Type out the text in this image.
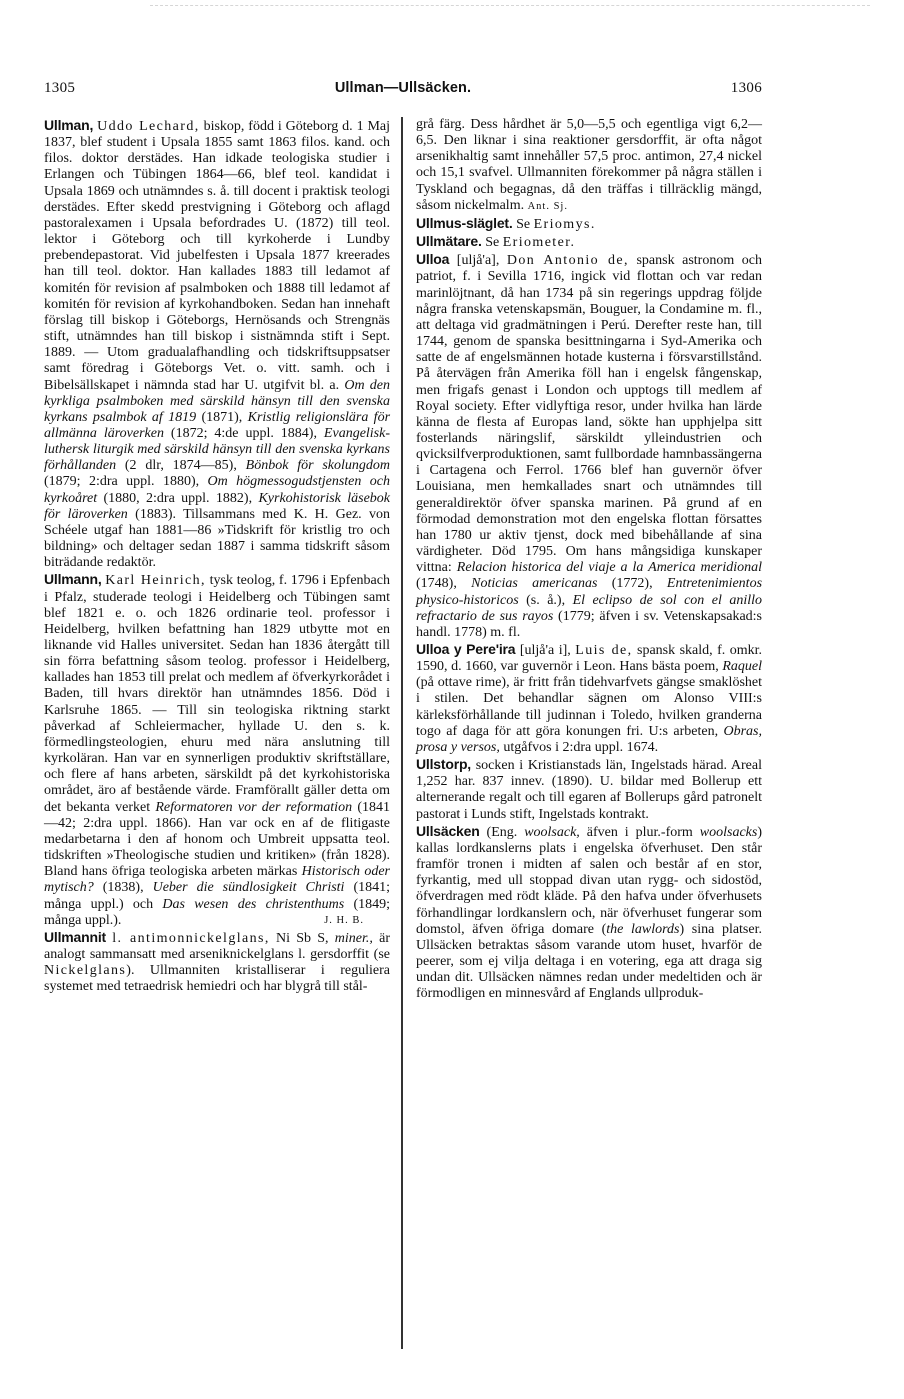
1305	Ullman—Ullsäcken.	1306

Ullman, Uddo Lechard, biskop, född i Göteborg d. 1 Maj 1837, blef student i Upsala 1855 samt 1863 filos. kand. och filos. doktor derstädes. Han idkade teologiska studier i Erlangen och Tübingen 1864—66, blef teol. kandidat i Upsala 1869 och utnämndes s. å. till docent i praktisk teologi derstädes. Efter skedd prestvigning i Göteborg och aflagd pastoralexamen i Upsala befordrades U. (1872) till teol. lektor i Göteborg och till kyrkoherde i Lundby prebendepastorat. Vid jubelfesten i Upsala 1877 kreerades han till teol. doktor. Han kallades 1883 till ledamot af komitén för revision af psalmboken och 1888 till ledamot af komitén för revision af kyrkohandboken. Sedan han innehaft förslag till biskop i Göteborgs, Hernösands och Strengnäs stift, utnämndes han till biskop i sistnämnda stift i Sept. 1889. — Utom gradualafhandling och tidskriftsuppsatser samt föredrag i Göteborgs Vet. o. vitt. samh. och i Bibelsällskapet i nämnda stad har U. utgifvit bl. a. Om den kyrkliga psalmboken med särskild hänsyn till den svenska kyrkans psalmbok af 1819 (1871), Kristlig religionslära för allmänna läroverken (1872; 4:de uppl. 1884), Evangelisk-luthersk liturgik med särskild hänsyn till den svenska kyrkans förhållanden (2 dlr, 1874—85), Bönbok för skolungdom (1879; 2:dra uppl. 1880), Om högmessogudstjensten och kyrkoåret (1880, 2:dra uppl. 1882), Kyrkohistorisk läsebok för läroverken (1883). Tillsammans med K. H. Gez. von Schéele utgaf han 1881—86 »Tidskrift för kristlig tro och bildning» och deltager sedan 1887 i samma tidskrift såsom biträdande redaktör.

Ullmann, Karl Heinrich, tysk teolog, f. 1796 i Epfenbach i Pfalz, studerade teologi i Heidelberg och Tübingen samt blef 1821 e. o. och 1826 ordinarie teol. professor i Heidelberg, hvilken befattning han 1829 utbytte mot en liknande vid Halles universitet. Sedan han 1836 återgått till sin förra befattning såsom teolog. professor i Heidelberg, kallades han 1853 till prelat och medlem af öfverkyrkorådet i Baden, till hvars direktör han utnämndes 1856. Död i Karlsruhe 1865. — Till sin teologiska riktning starkt påverkad af Schleiermacher, hyllade U. den s. k. förmedlingsteologien, ehuru med nära anslutning till kyrkoläran. Han var en synnerligen produktiv skriftställare, och flere af hans arbeten, särskildt på det kyrkohistoriska området, äro af bestående värde. Framförallt gäller detta om det bekanta verket Reformatoren vor der reformation (1841—42; 2:dra uppl. 1866). Han var ock en af de flitigaste medarbetarna i den af honom och Umbreit uppsatta teol. tidskriften »Theologische studien und kritiken» (från 1828). Bland hans öfriga teologiska arbeten märkas Historisch oder mytisch? (1838), Ueber die sündlosigkeit Christi (1841; många uppl.) och Das wesen des christenthums (1849; många uppl.).	J. H. B.

Ullmannit l. antimonnickelglans, Ni Sb S, miner., är analogt sammansatt med arseniknickelglans l. gersdorffit (se Nickelglans). Ullmanniten kristalliserar i reguliera systemet med tetraedrisk hemiedri och har blygrå till stål-

grå färg. Dess hårdhet är 5,0—5,5 och egentliga vigt 6,2—6,5. Den liknar i sina reaktioner gersdorffit, är ofta något arsenikhaltig samt innehåller 57,5 proc. antimon, 27,4 nickel och 15,1 svafvel. Ullmanniten förekommer på några ställen i Tyskland och begagnas, då den träffas i tillräcklig mängd, såsom nickelmalm. Ant. Sj.

Ullmus-släglet. Se Eriomys.

Ullmätare. Se Eriometer.

Ulloa [uljå'a], Don Antonio de, spansk astronom och patriot, f. i Sevilla 1716, ingick vid flottan och var redan marinlöjtnant, då han 1734 på sin regerings uppdrag följde några franska vetenskapsmän, Bouguer, la Condamine m. fl., att deltaga vid gradmätningen i Perú. Derefter reste han, till 1744, genom de spanska besittningarna i Syd-Amerika och satte de af engelsmännen hotade kusterna i försvarstillstånd. På återvägen från Amerika föll han i engelsk fångenskap, men frigafs genast i London och upptogs till medlem af Royal society. Efter vidlyftiga resor, under hvilka han lärde känna de flesta af Europas land, sökte han upphjelpa sitt fosterlands näringslif, särskildt ylleindustrien och qvicksilfverproduktionen, samt fullbordade hamnbassängerna i Cartagena och Ferrol. 1766 blef han guvernör öfver Louisiana, men hemkallades snart och utnämndes till generaldirektör öfver spanska marinen. På grund af en förmodad demonstration mot den engelska flottan försattes han 1780 ur aktiv tjenst, dock med bibehållande af sina värdigheter. Död 1795. Om hans mångsidiga kunskaper vittna: Relacion historica del viaje a la America meridional (1748), Noticias americanas (1772), Entretenimientos physico-historicos (s. å.), El eclipso de sol con el anillo refractario de sus rayos (1779; äfven i sv. Vetenskapsakad:s handl. 1778) m. fl.

Ulloa y Pere'ira [uljå'a i], Luis de, spansk skald, f. omkr. 1590, d. 1660, var guvernör i Leon. Hans bästa poem, Raquel (på ottave rime), är fritt från tidehvarfvets gängse smaklöshet i stilen. Det behandlar sägnen om Alonso VIII:s kärleksförhållande till judinnan i Toledo, hvilken granderna togo af daga för att göra konungen fri. U:s arbeten, Obras, prosa y versos, utgåfvos i 2:dra uppl. 1674.

Ullstorp, socken i Kristianstads län, Ingelstads härad. Areal 1,252 har. 837 innev. (1890). U. bildar med Bollerup ett alternerande regalt och till egaren af Bollerups gård patronelt pastorat i Lunds stift, Ingelstads kontrakt.

Ullsäcken (Eng. woolsack, äfven i plur.-form woolsacks) kallas lordkanslerns plats i engelska öfverhuset. Den står framför tronen i midten af salen och består af en stor, fyrkantig, med ull stoppad divan utan rygg- och sidostöd, öfverdragen med rödt kläde. På den hafva under öfverhusets förhandlingar lordkanslern och, när öfverhuset fungerar som domstol, äfven öfriga domare (the lawlords) sina platser. Ullsäcken betraktas såsom varande utom huset, hvarför de peerer, som ej vilja deltaga i en votering, ega att draga sig undan dit. Ullsäcken nämnes redan under medeltiden och är förmodligen en minnesvård af Englands ullproduk-
